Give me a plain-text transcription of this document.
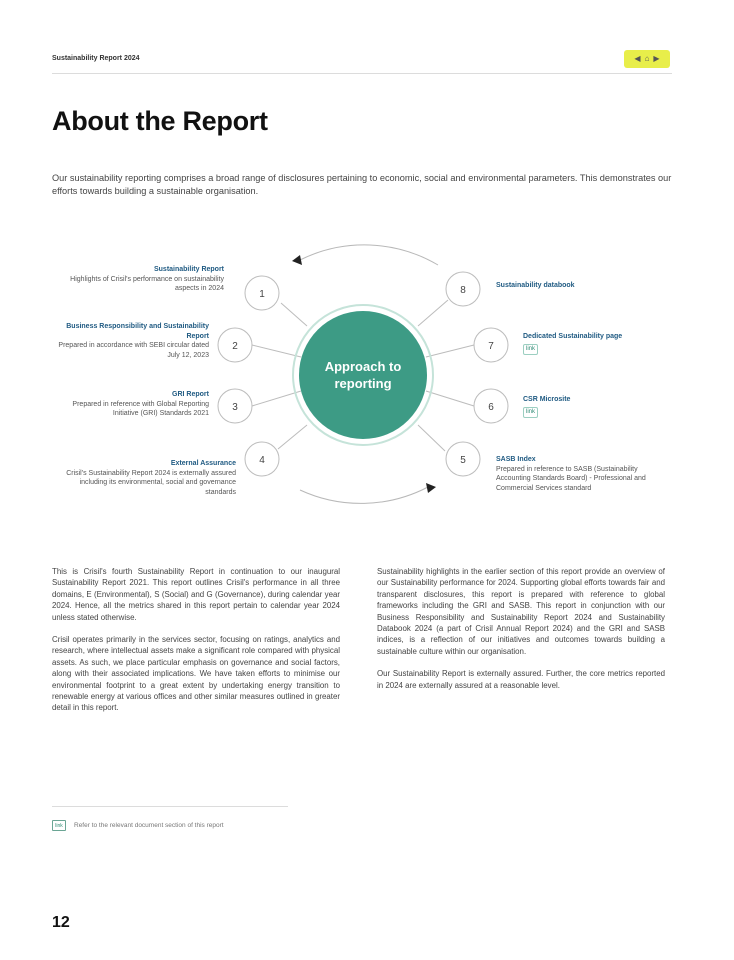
Sustainability Report 2024	◀ ⌂ ▶
About the Report

Our sustainability reporting comprises a broad range of disclosures pertaining to economic, social and environmental parameters. This demonstrates our efforts towards building a sustainable organisation.

Approach to
reporting
1
2
3
4	5
6
7
8
Sustainability Report
Highlights of Crisil's performance on sustainability aspects in 2024
Business Responsibility and Sustainability Report
Prepared in accordance with SEBI circular dated July 12, 2023
GRI Report
Prepared in reference with Global Reporting Initiative (GRI) Standards 2021
External Assurance
Crisil's Sustainability Report 2024 is externally assured including its environmental, social and governance standards
SASB Index
Prepared in reference to SASB (Sustainability Accounting Standards Board) - Professional and Commercial Services standard
CSR Microsite
link
Dedicated Sustainability page
link
Sustainability databook

This is Crisil's fourth Sustainability Report in continuation to our inaugural Sustainability Report 2021. This report outlines Crisil's performance in all three domains, E (Environmental), S (Social) and G (Governance), during calendar year 2024. Hence, all the metrics shared in this report pertain to calendar year 2024 unless stated otherwise.

Crisil operates primarily in the services sector, focusing on ratings, analytics and research, where intellectual assets make a significant role compared with physical assets. As such, we place particular emphasis on governance and social factors, along with their associated implications. We have taken efforts to minimise our environmental footprint to a great extent by undertaking energy transition to renewable energy at various offices and other similar measures outlined in greater detail in this report.

Sustainability highlights in the earlier section of this report provide an overview of our Sustainability performance for 2024. Supporting global efforts towards fair and transparent disclosures, this report is prepared with reference to global frameworks including the GRI and SASB. This report in conjunction with our Business Responsibility and Sustainability Report 2024 and Sustainability Databook 2024 (a part of Crisil Annual Report 2024) and the GRI and SASB indices, is a reflection of our initiatives and outcomes towards building a sustainable culture within our organisation.

Our Sustainability Report is externally assured. Further, the core metrics reported in 2024 are externally assured at a reasonable level.

link	Refer to the relevant document section of this report
12
